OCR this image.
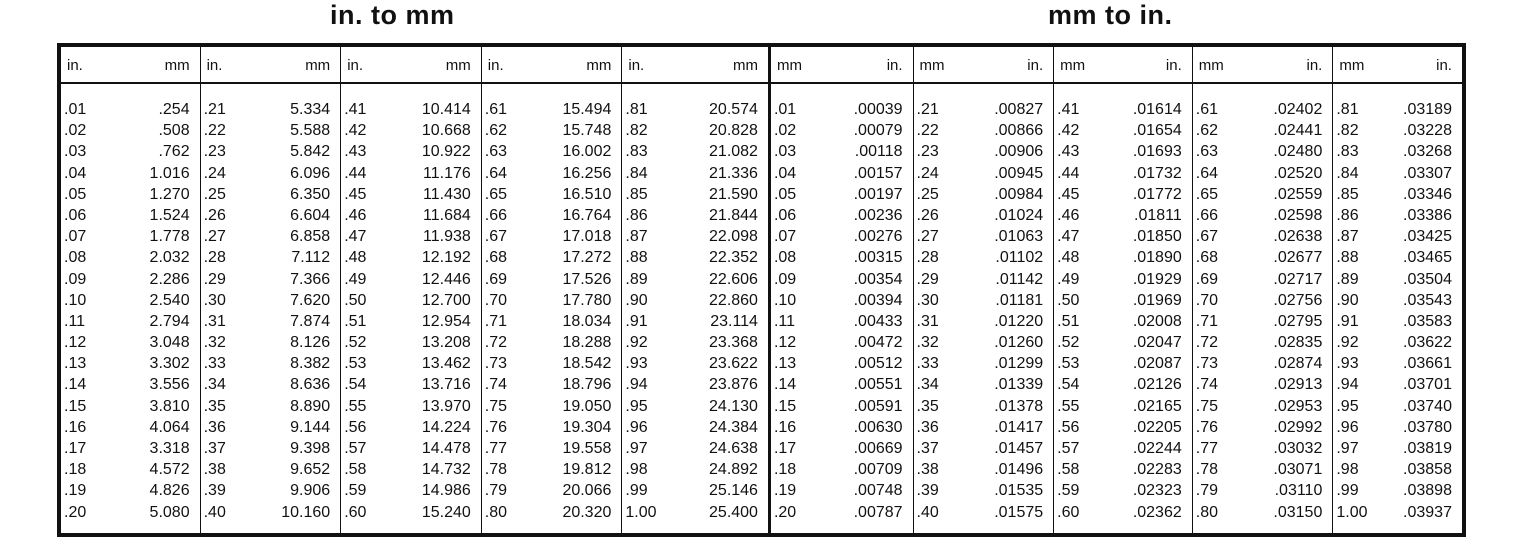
in. to mm	mm to in.
in.	mm
.01	.254
.02	.508
.03	.762
.04	1.016
.05	1.270
.06	1.524
.07	1.778
.08	2.032
.09	2.286
.10	2.540
.11	2.794
.12	3.048
.13	3.302
.14	3.556
.15	3.810
.16	4.064
.17	3.318
.18	4.572
.19	4.826
.20	5.080
in.	mm
.21	5.334
.22	5.588
.23	5.842
.24	6.096
.25	6.350
.26	6.604
.27	6.858
.28	7.112
.29	7.366
.30	7.620
.31	7.874
.32	8.126
.33	8.382
.34	8.636
.35	8.890
.36	9.144
.37	9.398
.38	9.652
.39	9.906
.40	10.160
in.	mm
.41	10.414
.42	10.668
.43	10.922
.44	11.176
.45	11.430
.46	11.684
.47	11.938
.48	12.192
.49	12.446
.50	12.700
.51	12.954
.52	13.208
.53	13.462
.54	13.716
.55	13.970
.56	14.224
.57	14.478
.58	14.732
.59	14.986
.60	15.240
in.	mm
.61	15.494
.62	15.748
.63	16.002
.64	16.256
.65	16.510
.66	16.764
.67	17.018
.68	17.272
.69	17.526
.70	17.780
.71	18.034
.72	18.288
.73	18.542
.74	18.796
.75	19.050
.76	19.304
.77	19.558
.78	19.812
.79	20.066
.80	20.320
in.	mm
.81	20.574
.82	20.828
.83	21.082
.84	21.336
.85	21.590
.86	21.844
.87	22.098
.88	22.352
.89	22.606
.90	22.860
.91	23.114
.92	23.368
.93	23.622
.94	23.876
.95	24.130
.96	24.384
.97	24.638
.98	24.892
.99	25.146
1.00	25.400
mm	in.
.01	.00039
.02	.00079
.03	.00118
.04	.00157
.05	.00197
.06	.00236
.07	.00276
.08	.00315
.09	.00354
.10	.00394
.11	.00433
.12	.00472
.13	.00512
.14	.00551
.15	.00591
.16	.00630
.17	.00669
.18	.00709
.19	.00748
.20	.00787
mm	in.
.21	.00827
.22	.00866
.23	.00906
.24	.00945
.25	.00984
.26	.01024
.27	.01063
.28	.01102
.29	.01142
.30	.01181
.31	.01220
.32	.01260
.33	.01299
.34	.01339
.35	.01378
.36	.01417
.37	.01457
.38	.01496
.39	.01535
.40	.01575
mm	in.
.41	.01614
.42	.01654
.43	.01693
.44	.01732
.45	.01772
.46	.01811
.47	.01850
.48	.01890
.49	.01929
.50	.01969
.51	.02008
.52	.02047
.53	.02087
.54	.02126
.55	.02165
.56	.02205
.57	.02244
.58	.02283
.59	.02323
.60	.02362
mm	in.
.61	.02402
.62	.02441
.63	.02480
.64	.02520
.65	.02559
.66	.02598
.67	.02638
.68	.02677
.69	.02717
.70	.02756
.71	.02795
.72	.02835
.73	.02874
.74	.02913
.75	.02953
.76	.02992
.77	.03032
.78	.03071
.79	.03110
.80	.03150
mm	in.
.81	.03189
.82	.03228
.83	.03268
.84	.03307
.85	.03346
.86	.03386
.87	.03425
.88	.03465
.89	.03504
.90	.03543
.91	.03583
.92	.03622
.93	.03661
.94	.03701
.95	.03740
.96	.03780
.97	.03819
.98	.03858
.99	.03898
1.00 .03937
